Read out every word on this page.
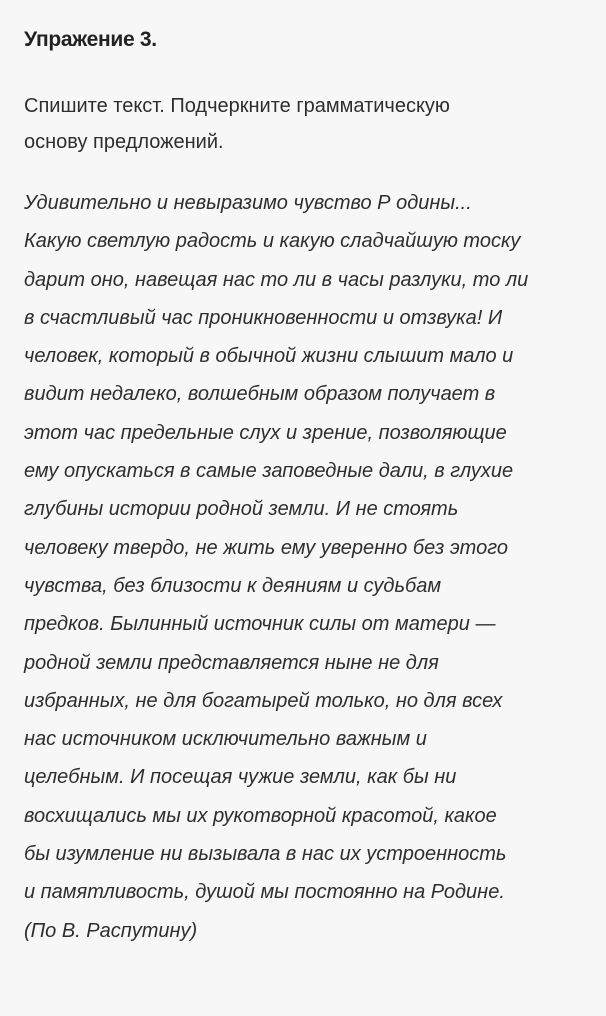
Упражение 3.
Спишите текст. Подчеркните грамматическую
основу предложений.
Удивительно и невыразимо чувство Р одины...
Какую светлую радость и какую сладчайшую тоску
дарит оно, навещая нас то ли в часы разлуки, то ли
в счастливый час проникновенности и отзвука! И
человек, который в обычной жизни слышит мало и
видит недалеко, волшебным образом получает в
этот час предельные слух и зрение, позволяющие
ему опускаться в самые заповедные дали, в глухие
глубины истории родной земли. И не стоять
человеку твердо, не жить ему уверенно без этого
чувства, без близости к деяниям и судьбам
предков. Былинный источник силы от матери —
родной земли представляется ныне не для
избранных, не для богатырей только, но для всех
нас источником исключительно важным и
целебным. И посещая чужие земли, как бы ни
восхищались мы их рукотворной красотой, какое
бы изумление ни вызывала в нас их устроенность
и памятливость, душой мы постоянно на Родине.
(По В. Распутину)
